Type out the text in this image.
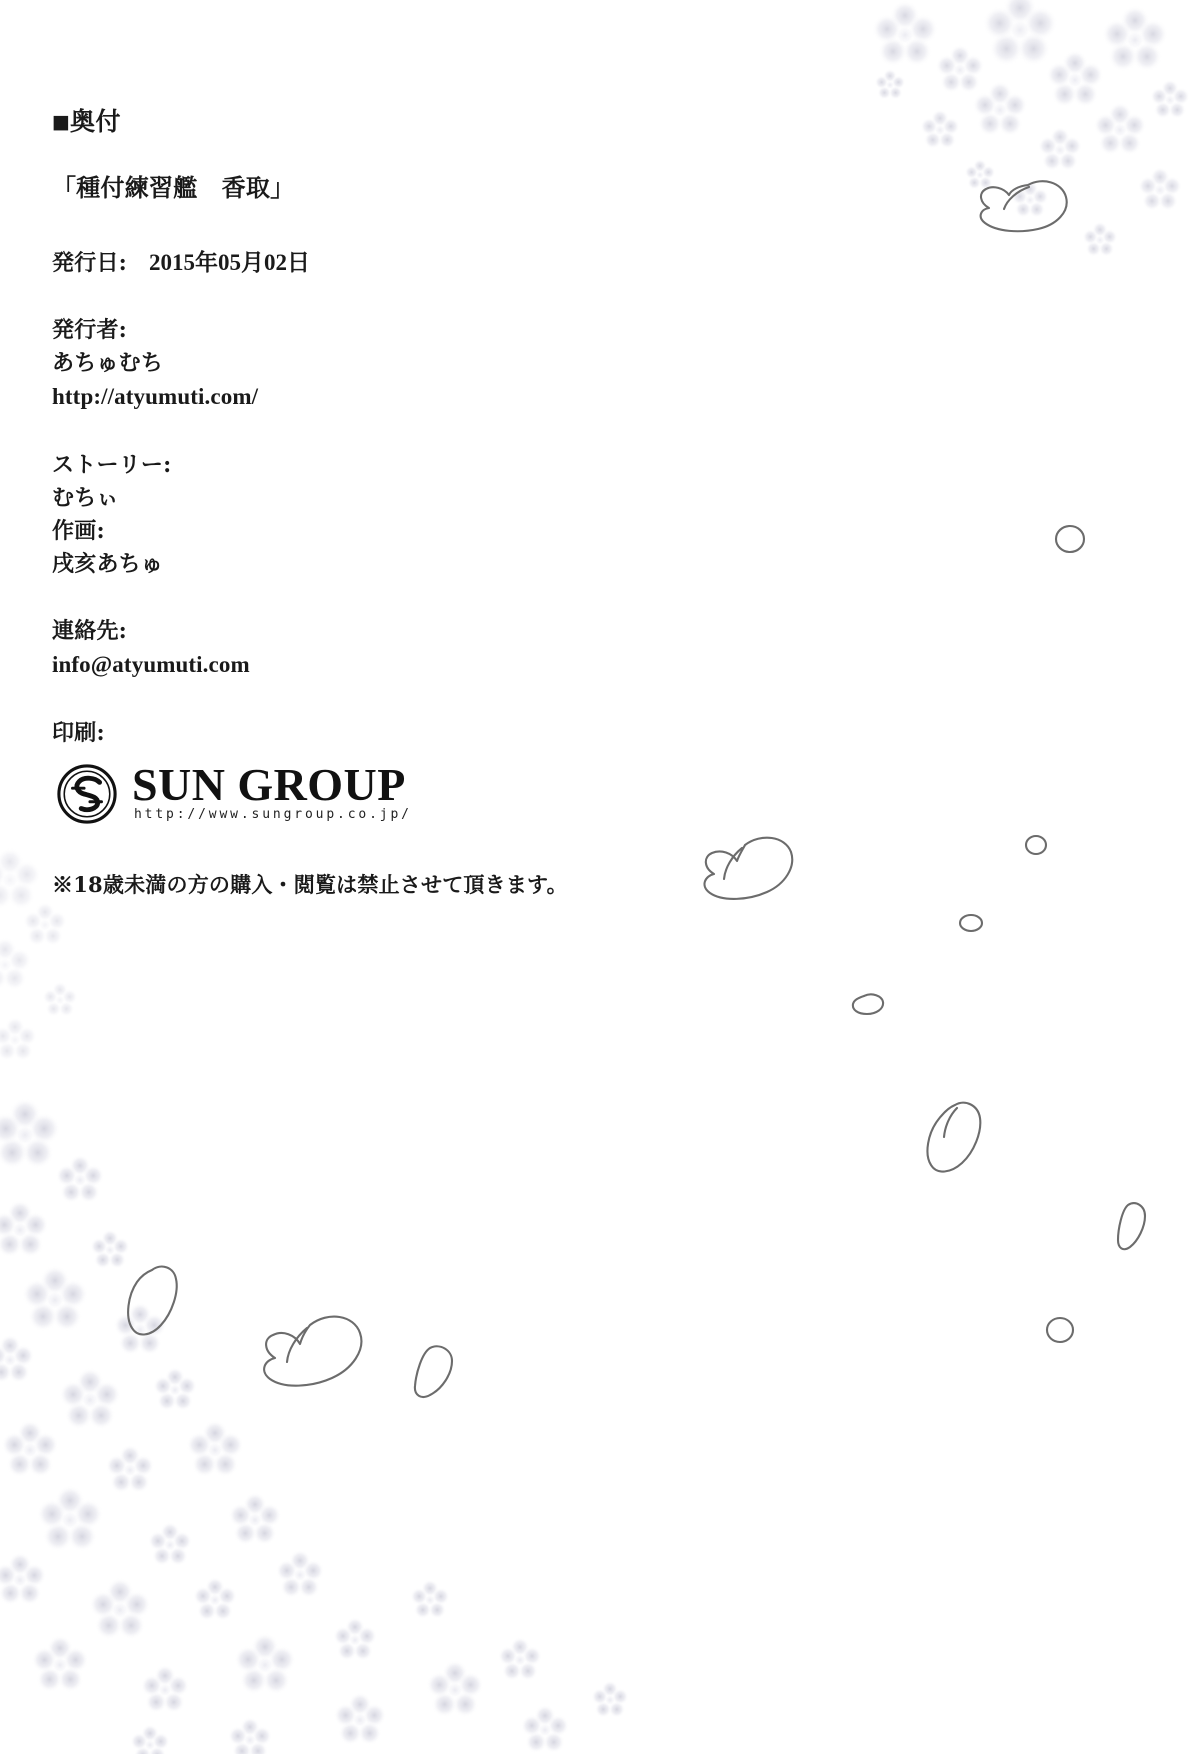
■奥付
「種付練習艦　香取」
発行日: 2015年05月02日
発行者:
あちゅむち
http://atyumuti.com/
ストーリー:
むちぃ
作画:
戌亥あちゅ
連絡先:
info@atyumuti.com
印刷:
SUN GROUP
http://www.sungroup.co.jp/
※18歳未満の方の購入・閲覧は禁止させて頂きます。
